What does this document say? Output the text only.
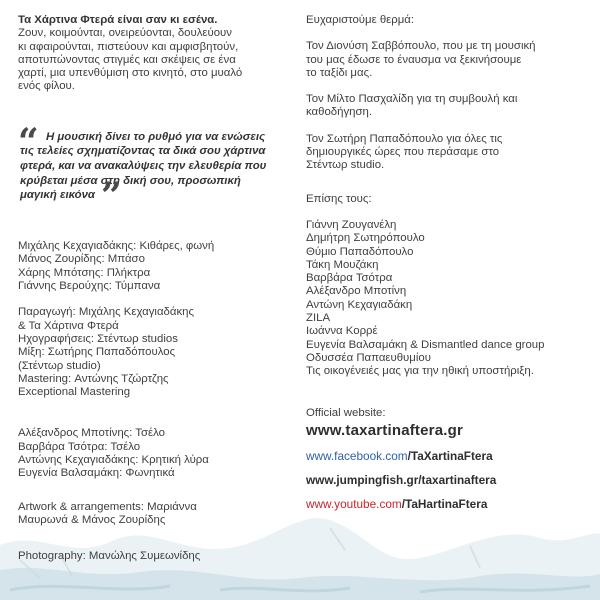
Τα Χάρτινα Φτερά είναι σαν κι εσένα.

Ζουν, κοιμούνται, ονειρεύονται, δουλεύουν

κι αφαιρούνται, πιστεύουν και αμφισβητούν,

αποτυπώνοντας στιγμές και σκέψεις σε ένα

χαρτί, μια υπενθύμιση στο κινητό, στο μυαλό

ενός φίλου.

“ Η μουσική δίνει το ρυθμό για να ενώσεις
τις τελείες σχηματίζοντας τα δικά σου χάρτινα
φτερά, και να ανακαλύψεις την ελευθερία που
κρύβεται μέσα στη δική σου, προσωπική
μαγική εικόνα ”
Μιχάλης Κεχαγιαδάκης: Κιθάρες, φωνή
Μάνος Ζουρίδης: Μπάσο
Χάρης Μπότσης: Πλήκτρα
Γιάννης Βερούχης: Τύμπανα
Παραγωγή: Μιχάλης Κεχαγιαδάκης
& Τα Χάρτινα Φτερά
Ηχογραφήσεις: Στέντωρ studios
Μίξη: Σωτήρης Παπαδόπουλος
(Στέντωρ studio)
Mastering: Αντώνης Τζώρτζης
Exceptional Mastering
Αλέξανδρος Μποτίνης: Τσέλο
Βαρβάρα Τσότρα: Τσέλο
Αντώνης Κεχαγιαδάκης: Κρητική λύρα
Ευγενία Βαλσαμάκη: Φωνητικά
Artwork & arrangements: Μαριάννα
Μαυρωνά & Μάνος Ζουρίδης
Photography: Μανώλης Συμεωνίδης

Ευχαριστούμε θερμά:

Τον Διονύση Σαββόπουλο, που με τη μουσική

του μας έδωσε το έναυσμα να ξεκινήσουμε

το ταξίδι μας.

Τον Μίλτο Πασχαλίδη για τη συμβουλή και

καθοδήγηση.

Τον Σωτήρη Παπαδόπουλο για όλες τις

δημιουργικές ώρες που περάσαμε στο

Στέντωρ studio.

Επίσης τους:

Γιάννη Ζουγανέλη
Δημήτρη Σωτηρόπουλο
Θύμιο Παπαδόπουλο
Τάκη Μουζάκη
Βαρβάρα Τσότρα
Αλέξανδρο Μποτίνη
Αντώνη Κεχαγιαδάκη
ZILA
Ιωάννα Κορρέ
Ευγενία Βαλσαμάκη & Dismantled dance group
Οδυσσέα Παπαευθυμίου
Τις οικογένειές μας για την ηθική υποστήριξη.
Official website:
www.taxartinaftera.gr
www.facebook.com/TaXartinaFtera
www.jumpingfish.gr/taxartinaftera
www.youtube.com/TaHartinaFtera
